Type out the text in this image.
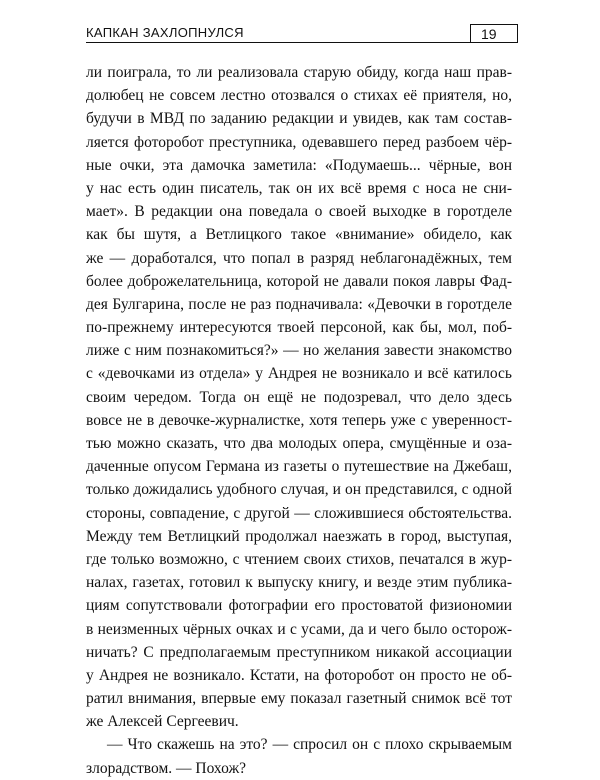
КАПКАН ЗАХЛОПНУЛСЯ	19
ли поиграла, то ли реализовала старую обиду, когда наш прав-
долюбец не совсем лестно отозвался о стихах её приятеля, но,
будучи в МВД по заданию редакции и увидев, как там состав-
ляется фоторобот преступника, одевавшего перед разбоем чёр-
ные очки, эта дамочка заметила: «Подумаешь... чёрные, вон
у нас есть один писатель, так он их всё время с носа не сни-
мает». В редакции она поведала о своей выходке в горотделе
как бы шутя, а Ветлицкого такое «внимание» обидело, как
же — доработался, что попал в разряд неблагонадёжных, тем
более доброжелательница, которой не давали покоя лавры Фад-
дея Булгарина, после не раз подначивала: «Девочки в горотделе
по-прежнему интересуются твоей персоной, как бы, мол, поб-
лиже с ним познакомиться?» — но желания завести знакомство
с «девочками из отдела» у Андрея не возникало и всё катилось
своим чередом. Тогда он ещё не подозревал, что дело здесь
вовсе не в девочке-журналистке, хотя теперь уже с уверенност-
тью можно сказать, что два молодых опера, смущённые и оза-
даченные опусом Германа из газеты о путешествие на Джебаш,
только дожидались удобного случая, и он представился, с одной
стороны, совпадение, с другой — сложившиеся обстоятельства.
Между тем Ветлицкий продолжал наезжать в город, выступая,
где только возможно, с чтением своих стихов, печатался в жур-
налах, газетах, готовил к выпуску книгу, и везде этим публика-
циям сопутствовали фотографии его простоватой физиономии
в неизменных чёрных очках и с усами, да и чего было осторож-
ничать? С предполагаемым преступником никакой ассоциации
у Андрея не возникало. Кстати, на фоторобот он просто не об-
ратил внимания, впервые ему показал газетный снимок всё тот
же Алексей Сергеевич.
— Что скажешь на это? — спросил он с плохо скрываемым
злорадством. — Похож?
